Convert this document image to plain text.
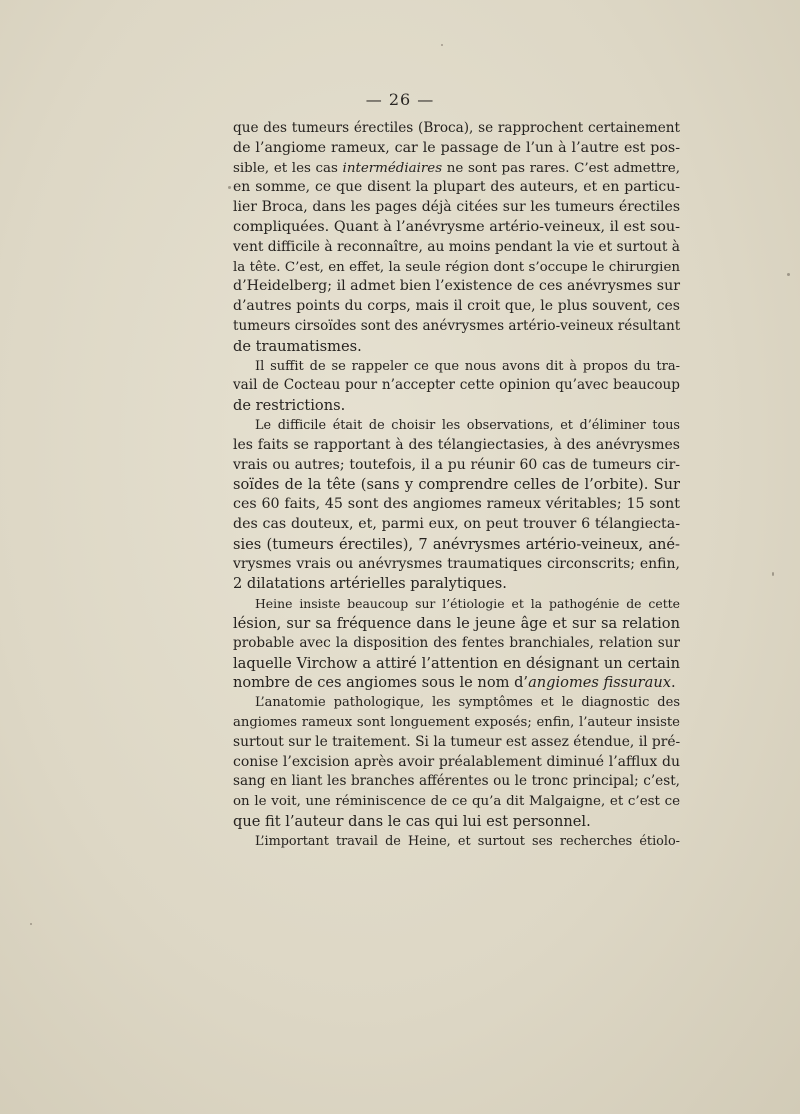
— 26 —
que des tumeurs érectiles (Broca), se rapprochent certainement
de l’angiome rameux, car le passage de l’un à l’autre est pos-
sible, et les cas intermédiaires ne sont pas rares. C’est admettre,
en somme, ce que disent la plupart des auteurs, et en particu-
lier Broca, dans les pages déjà citées sur les tumeurs érectiles
compliquées. Quant à l’anévrysme artério-veineux, il est sou-
vent difficile à reconnaître, au moins pendant la vie et surtout à
la tête. C’est, en effet, la seule région dont s’occupe le chirurgien
d’Heidelberg; il admet bien l’existence de ces anévrysmes sur
d’autres points du corps, mais il croit que, le plus souvent, ces
tumeurs cirsoïdes sont des anévrysmes artério-veineux résultant
de traumatismes.
Il suffit de se rappeler ce que nous avons dit à propos du tra-
vail de Cocteau pour n’accepter cette opinion qu’avec beaucoup
de restrictions.
Le difficile était de choisir les observations, et d’éliminer tous
les faits se rapportant à des télangiectasies, à des anévrysmes
vrais ou autres; toutefois, il a pu réunir 60 cas de tumeurs cir-
soïdes de la tête (sans y comprendre celles de l’orbite). Sur
ces 60 faits, 45 sont des angiomes rameux véritables; 15 sont
des cas douteux, et, parmi eux, on peut trouver 6 télangiecta-
sies (tumeurs érectiles), 7 anévrysmes artério-veineux, ané-
vrysmes vrais ou anévrysmes traumatiques circonscrits; enfin,
2 dilatations artérielles paralytiques.
Heine insiste beaucoup sur l’étiologie et la pathogénie de cette
lésion, sur sa fréquence dans le jeune âge et sur sa relation
probable avec la disposition des fentes branchiales, relation sur
laquelle Virchow a attiré l’attention en désignant un certain
nombre de ces angiomes sous le nom d’angiomes fissuraux.
L’anatomie pathologique, les symptômes et le diagnostic des
angiomes rameux sont longuement exposés; enfin, l’auteur insiste
surtout sur le traitement. Si la tumeur est assez étendue, il pré-
conise l’excision après avoir préalablement diminué l’afflux du
sang en liant les branches afférentes ou le tronc principal; c’est,
on le voit, une réminiscence de ce qu’a dit Malgaigne, et c’est ce
que fit l’auteur dans le cas qui lui est personnel.
L’important travail de Heine, et surtout ses recherches étiolo-
